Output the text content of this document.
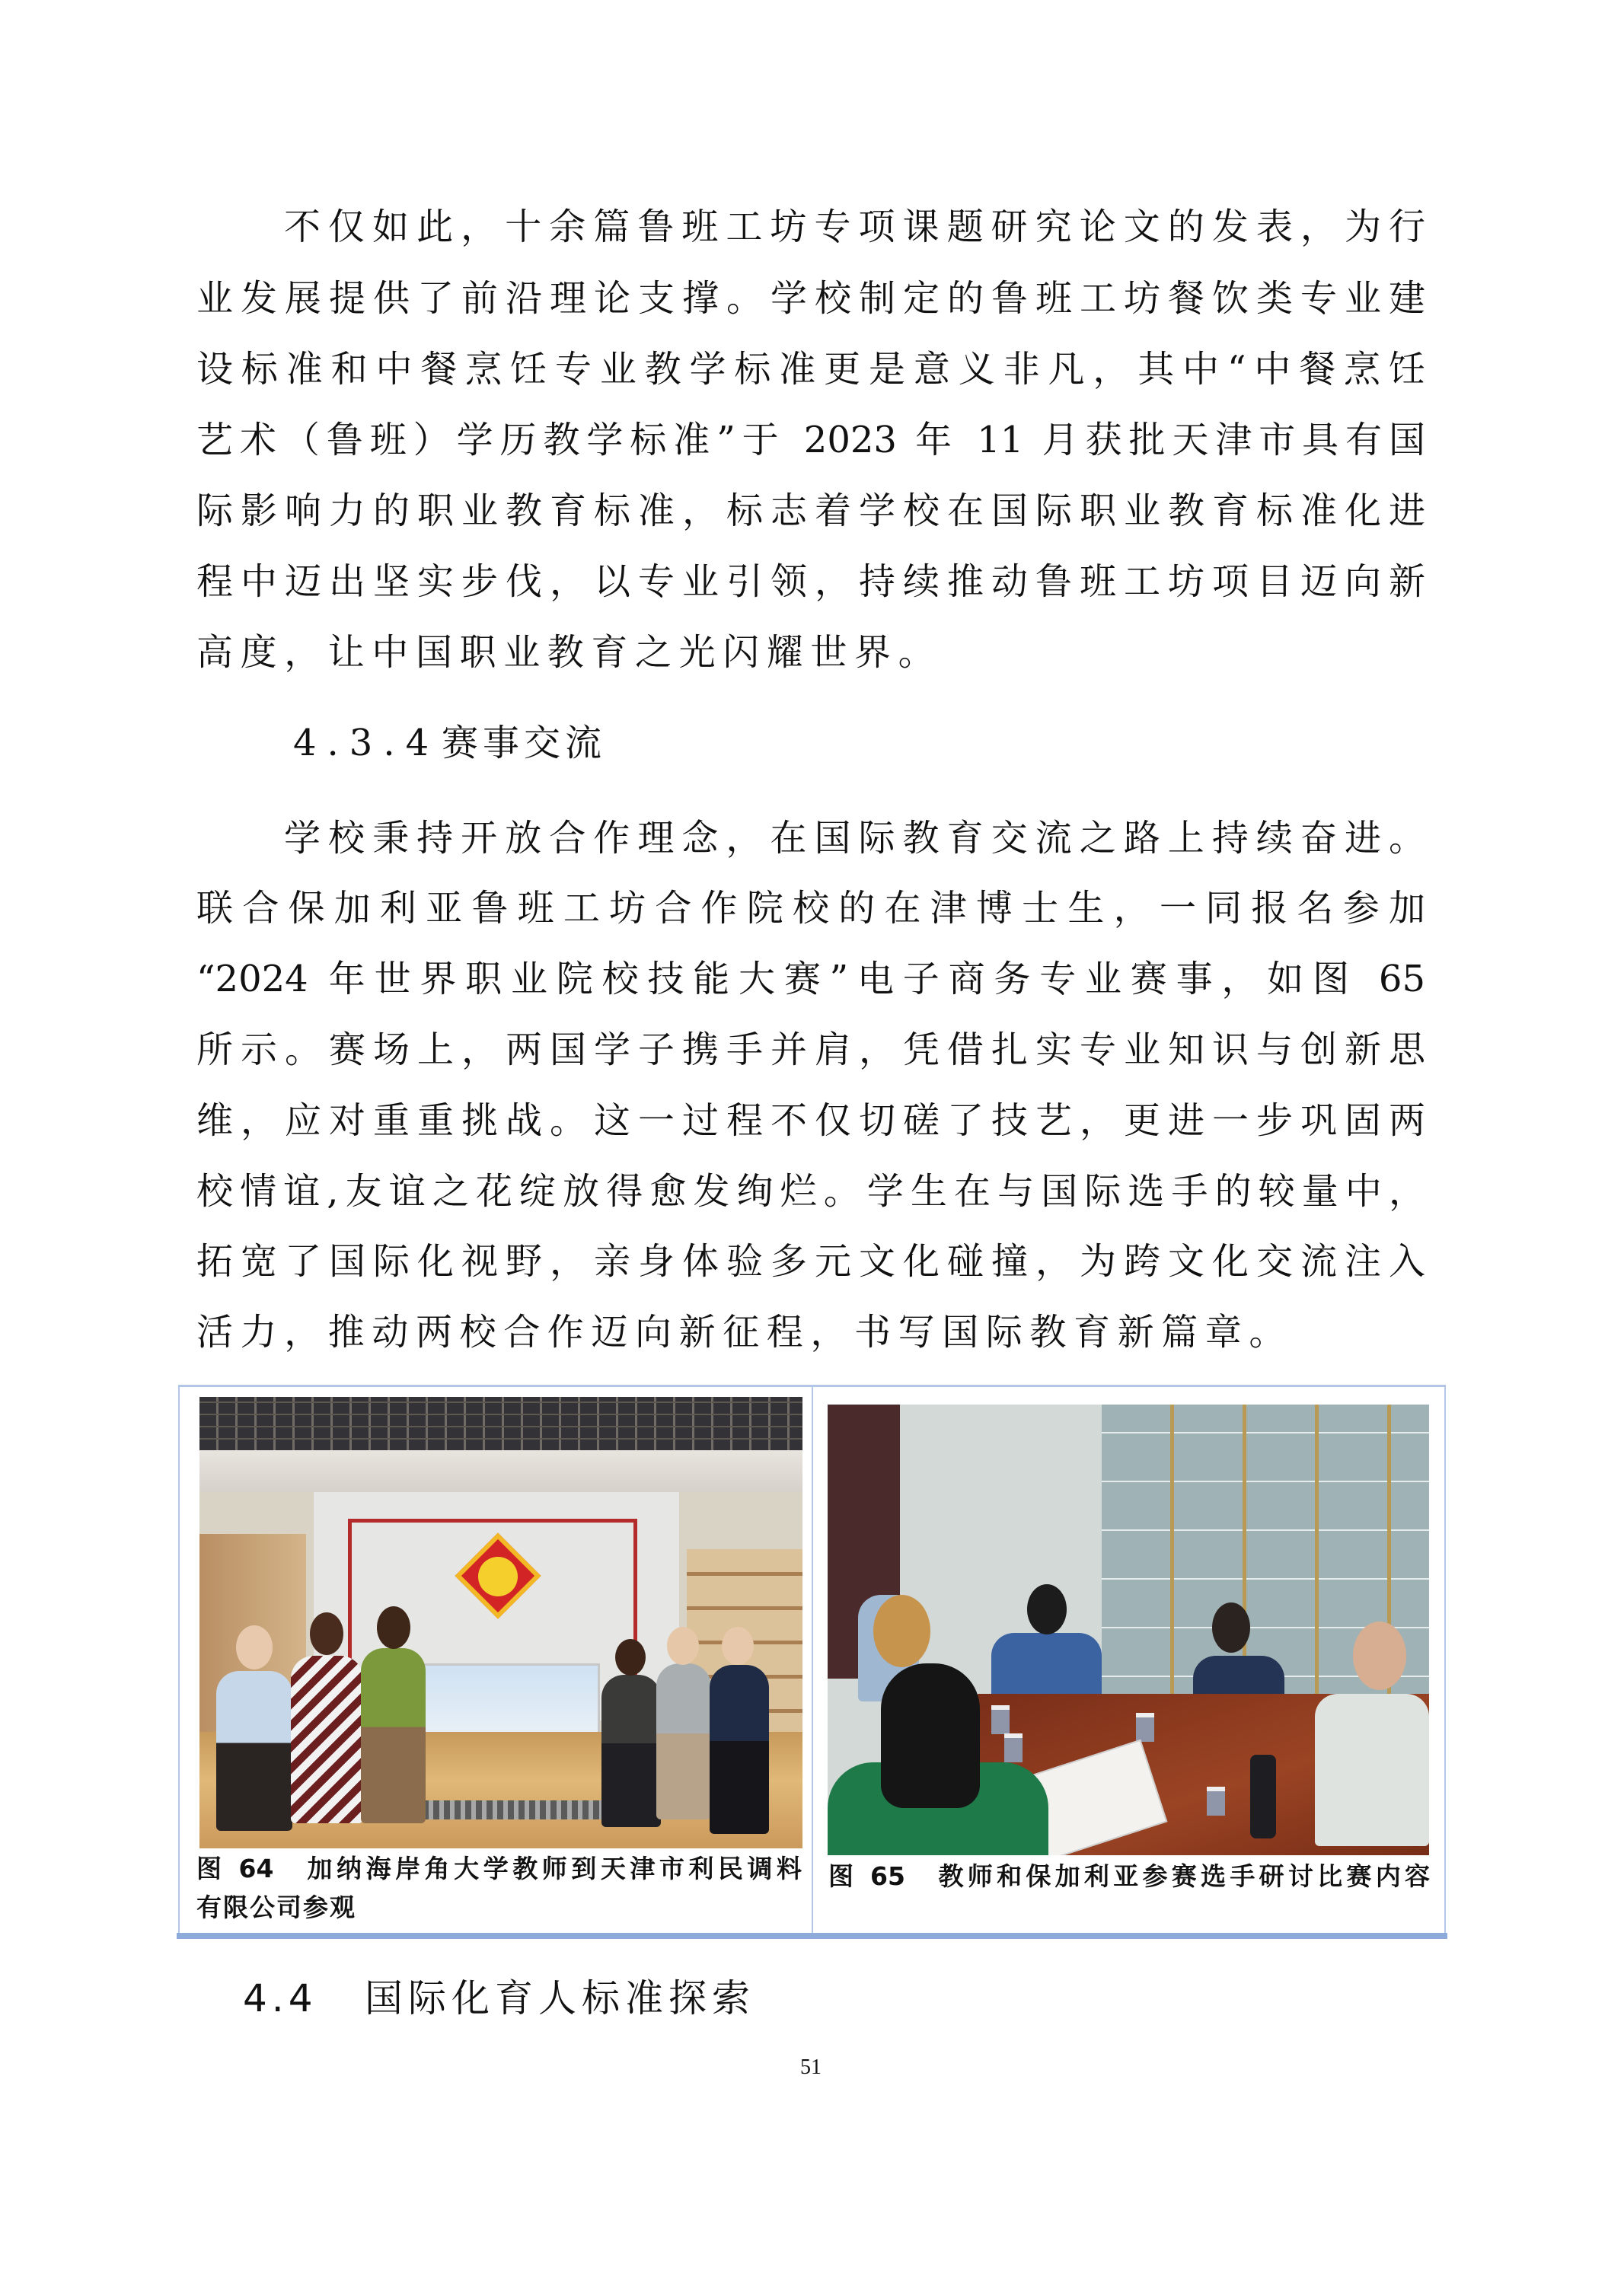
不仅如此，十余篇鲁班工坊专项课题研究论文的发表，为行
业发展提供了前沿理论支撑。学校制定的鲁班工坊餐饮类专业建
设标准和中餐烹饪专业教学标准更是意义非凡，其中“中餐烹饪
艺术（鲁班）学历教学标准”于 2023 年 11 月获批天津市具有国
际影响力的职业教育标准，标志着学校在国际职业教育标准化进
程中迈出坚实步伐，以专业引领，持续推动鲁班工坊项目迈向新
高度，让中国职业教育之光闪耀世界。
4.3.4赛事交流
学校秉持开放合作理念，在国际教育交流之路上持续奋进。
联合保加利亚鲁班工坊合作院校的在津博士生，一同报名参加
“2024 年世界职业院校技能大赛”电子商务专业赛事，如图 65
所示。赛场上，两国学子携手并肩，凭借扎实专业知识与创新思
维，应对重重挑战。这一过程不仅切磋了技艺，更进一步巩固两
校情谊,友谊之花绽放得愈发绚烂。学生在与国际选手的较量中，
拓宽了国际化视野，亲身体验多元文化碰撞，为跨文化交流注入
活力，推动两校合作迈向新征程，书写国际教育新篇章。
图 64　加纳海岸角大学教师到天津市利民调料
有限公司参观
图 65　教师和保加利亚参赛选手研讨比赛内容
4.4 国际化育人标准探索
51
